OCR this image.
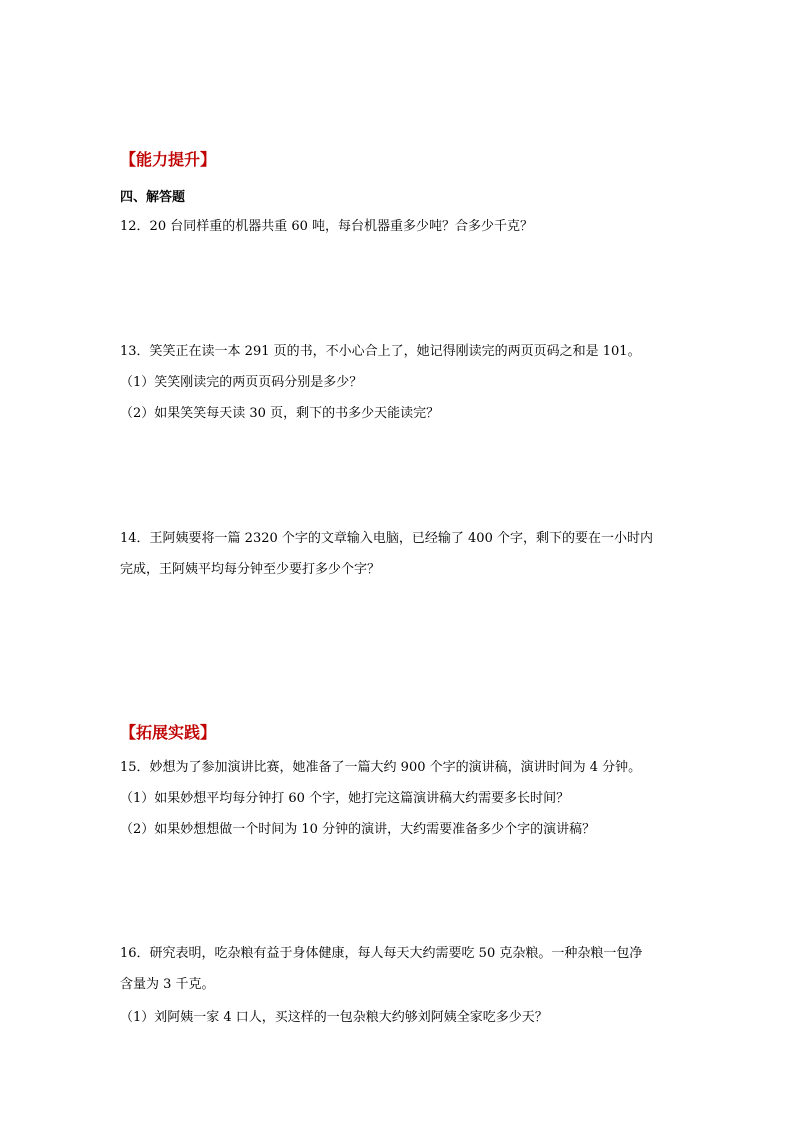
【能力提升】
四、解答题
12．20 台同样重的机器共重 60 吨，每台机器重多少吨？合多少千克？
13．笑笑正在读一本 291 页的书，不小心合上了，她记得刚读完的两页页码之和是 101。
（1）笑笑刚读完的两页页码分别是多少？
（2）如果笑笑每天读 30 页，剩下的书多少天能读完？
14．王阿姨要将一篇 2320 个字的文章输入电脑，已经输了 400 个字，剩下的要在一小时内
完成，王阿姨平均每分钟至少要打多少个字？
【拓展实践】
15．妙想为了参加演讲比赛，她准备了一篇大约 900 个字的演讲稿，演讲时间为 4 分钟。
（1）如果妙想平均每分钟打 60 个字，她打完这篇演讲稿大约需要多长时间？
（2）如果妙想想做一个时间为 10 分钟的演讲，大约需要准备多少个字的演讲稿？
16．研究表明，吃杂粮有益于身体健康，每人每天大约需要吃 50 克杂粮。一种杂粮一包净
含量为 3 千克。
（1）刘阿姨一家 4 口人，买这样的一包杂粮大约够刘阿姨全家吃多少天？
